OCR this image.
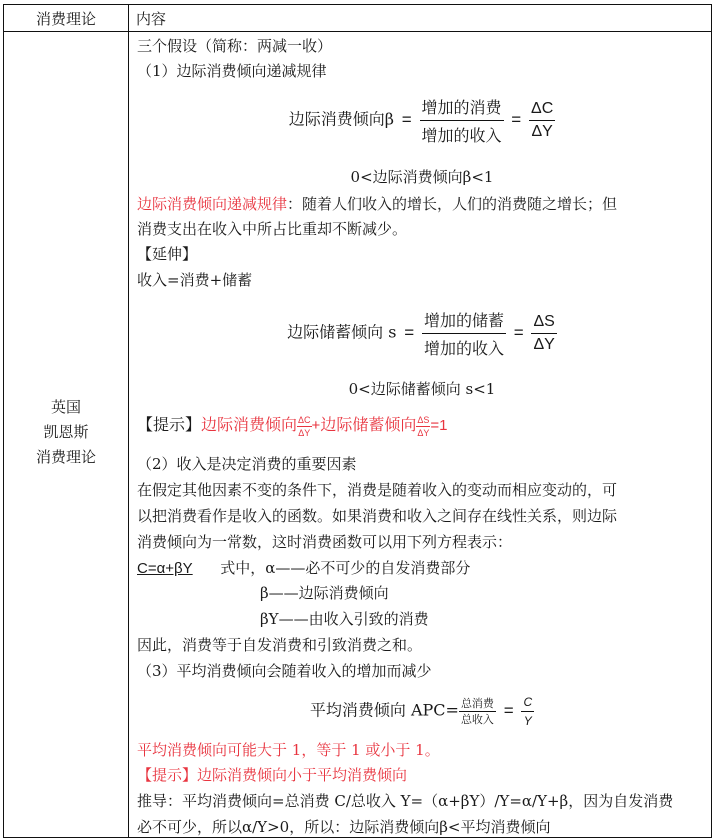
消费理论	内容
英国
凯恩斯
消费理论
三个假设（简称：两减一收）
（1）边际消费倾向递减规律
边际消费倾向$\beta = \frac{\text{增加的消费}}{\text{增加的收入}} = \frac{\Delta C}{\Delta Y}$
0<边际消费倾向β<1
边际消费倾向递减规律：随着人们收入的增长，人们的消费随之增长；但
消费支出在收入中所占比重却不断减少。
【延伸】
收入=消费+储蓄
边际储蓄倾向 $s = \frac{\text{增加的储蓄}}{\text{增加的收入}} = \frac{\Delta S}{\Delta Y}$
0<边际储蓄倾向 s<1
【提示】边际消费倾向 $\frac{\Delta C}{\Delta Y}$ +边际储蓄倾向 $\frac{\Delta S}{\Delta Y} =1$
（2）收入是决定消费的重要因素
在假定其他因素不变的条件下，消费是随着收入的变动而相应变动的，可
以把消费看作是收入的函数。如果消费和收入之间存在线性关系，则边际
消费倾向为一常数，这时消费函数可以用下列方程表示：
C=α+βY 式中，α——必不可少的自发消费部分
β——边际消费倾向
βY——由收入引致的消费
因此，消费等于自发消费和引致消费之和。
（3）平均消费倾向会随着收入的增加而减少
平均消费倾向 $APC= \frac{\text{总消费}}{\text{总收入}} = \frac{C}{Y}$
平均消费倾向可能大于 1，等于 1 或小于 1。
【提示】边际消费倾向小于平均消费倾向
推导：平均消费倾向=总消费 C/总收入 Y=（α+βY）/Y=α/Y+β，因为自发消费
必不可少，所以α/Y>0，所以：边际消费倾向β<平均消费倾向
